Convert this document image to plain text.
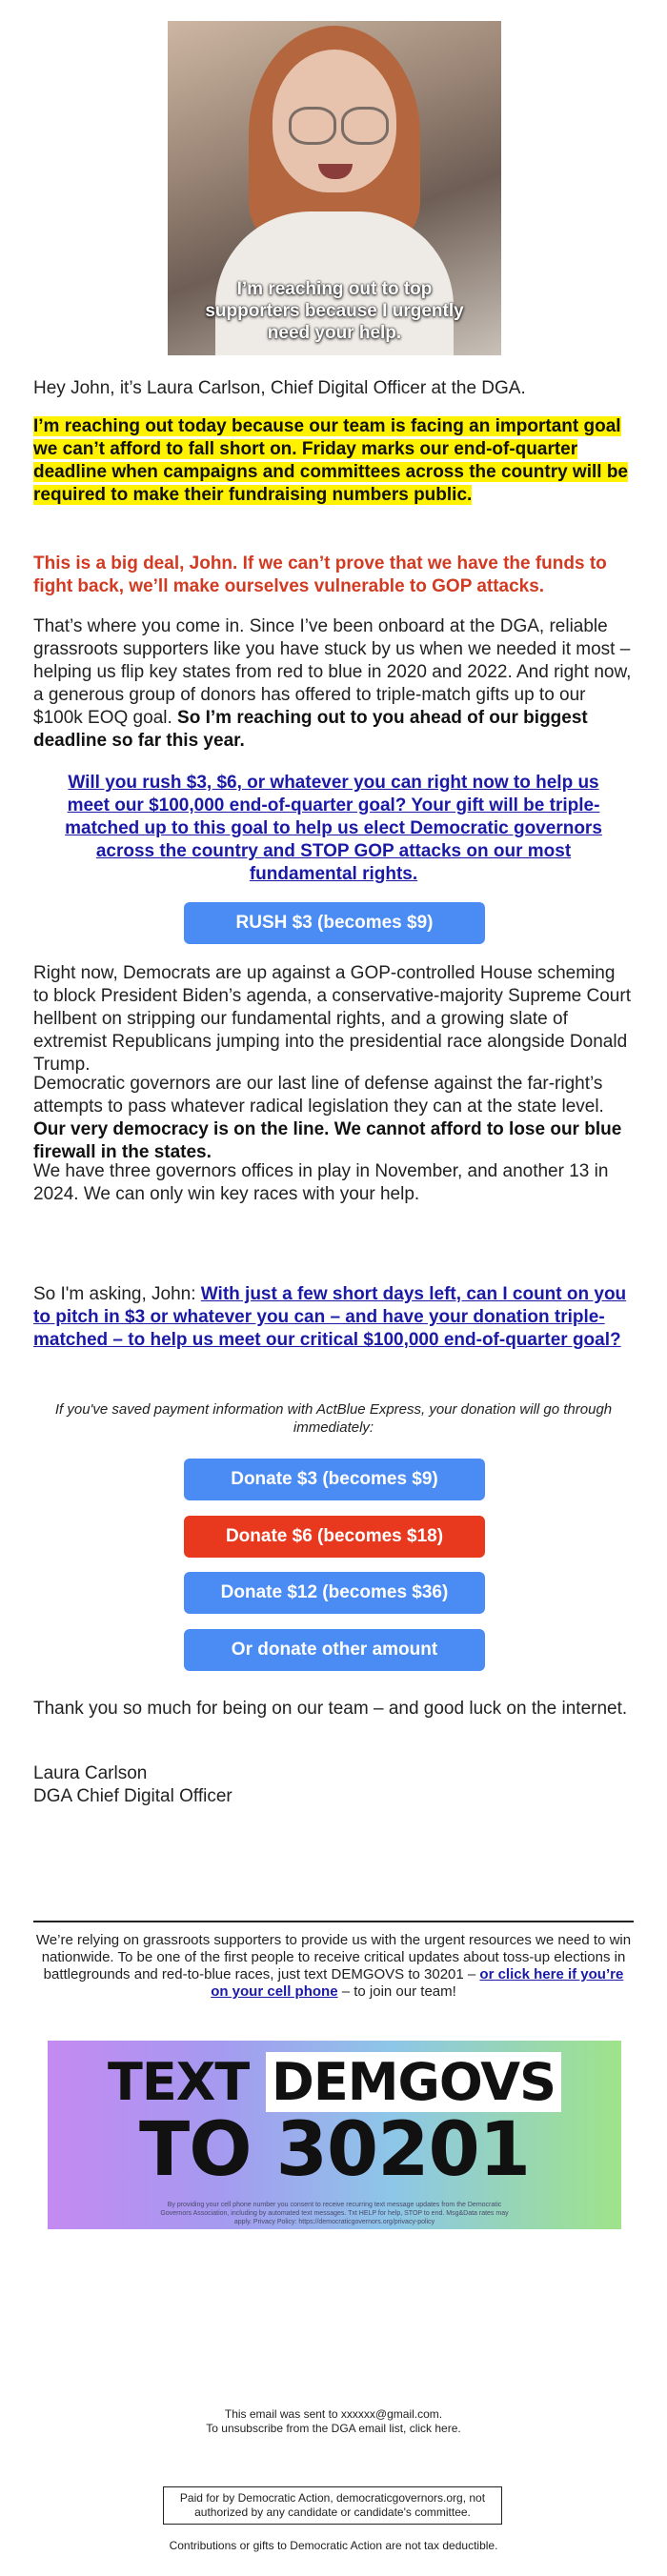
I’m reaching out to top
supporters because I urgently
need your help.

Hey John, it’s Laura Carlson, Chief Digital Officer at the DGA.

I’m reaching out today because our team is facing an important goal we can’t afford to fall short on. Friday marks our end-of-quarter deadline when campaigns and committees across the country will be required to make their fundraising numbers public.

This is a big deal, John. If we can’t prove that we have the funds to fight back, we’ll make ourselves vulnerable to GOP attacks.

That’s where you come in. Since I’ve been onboard at the DGA, reliable grassroots supporters like you have stuck by us when we needed it most – helping us flip key states from red to blue in 2020 and 2022. And right now, a generous group of donors has offered to triple-match gifts up to our $100k EOQ goal. So I’m reaching out to you ahead of our biggest deadline so far this year.

Will you rush $3, $6, or whatever you can right now to help us meet our $100,000 end-of-quarter goal? Your gift will be triple-matched up to this goal to help us elect Democratic governors across the country and STOP GOP attacks on our most fundamental rights.

RUSH $3 (becomes $9)

Right now, Democrats are up against a GOP-controlled House scheming to block President Biden’s agenda, a conservative-majority Supreme Court hellbent on stripping our fundamental rights, and a growing slate of extremist Republicans jumping into the presidential race alongside Donald Trump.

Democratic governors are our last line of defense against the far-right’s attempts to pass whatever radical legislation they can at the state level. Our very democracy is on the line. We cannot afford to lose our blue firewall in the states.

We have three governors offices in play in November, and another 13 in 2024. We can only win key races with your help.

So I'm asking, John: With just a few short days left, can I count on you to pitch in $3 or whatever you can – and have your donation triple-matched – to help us meet our critical $100,000 end-of-quarter goal?

If you've saved payment information with ActBlue Express, your donation will go through immediately:
Donate $3 (becomes $9)
Donate $6 (becomes $18)
Donate $12 (becomes $36)
Or donate other amount

Thank you so much for being on our team – and good luck on the internet.

Laura Carlson

DGA Chief Digital Officer

We’re relying on grassroots supporters to provide us with the urgent resources we need to win nationwide. To be one of the first people to receive critical updates about toss-up elections in battlegrounds and red-to-blue races, just text DEMGOVS to 30201 – or click here if you’re on your cell phone – to join our team!
TEXT DEMGOVS
TO 30201
By providing your cell phone number you consent to receive recurring text message updates from the Democratic Governors Association, including by automated text messages. Txt HELP for help, STOP to end. Msg&Data rates may apply. Privacy Policy: https://democraticgovernors.org/privacy-policy
This email was sent to xxxxxx@gmail.com.
To unsubscribe from the DGA email list, click here.
Paid for by Democratic Action, democraticgovernors.org, not authorized by any candidate or candidate's committee.
Contributions or gifts to Democratic Action are not tax deductible.
